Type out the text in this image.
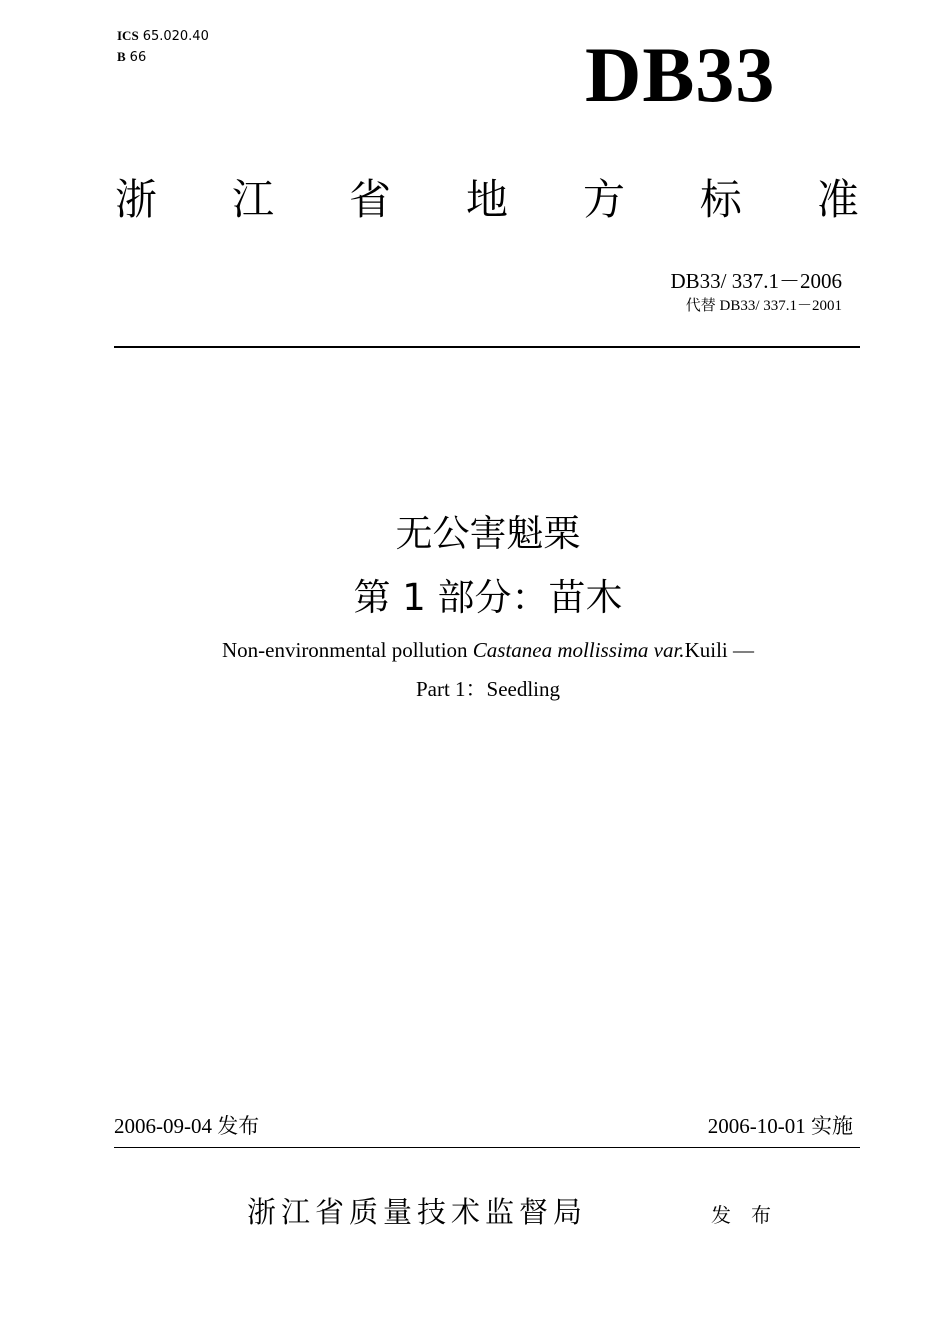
ICS 65.020.40
B 66	DB33
浙 江 省 地 方 标 准
DB33/ 337.1－2006
代替 DB33/ 337.1－2001
无公害魁栗
第 1 部分：苗木
Non-environmental pollution Castanea mollissima var.Kuili —
Part 1：Seedling
2006-09-04 发布	2006-10-01 实施
浙江省质量技术监督局	发布
